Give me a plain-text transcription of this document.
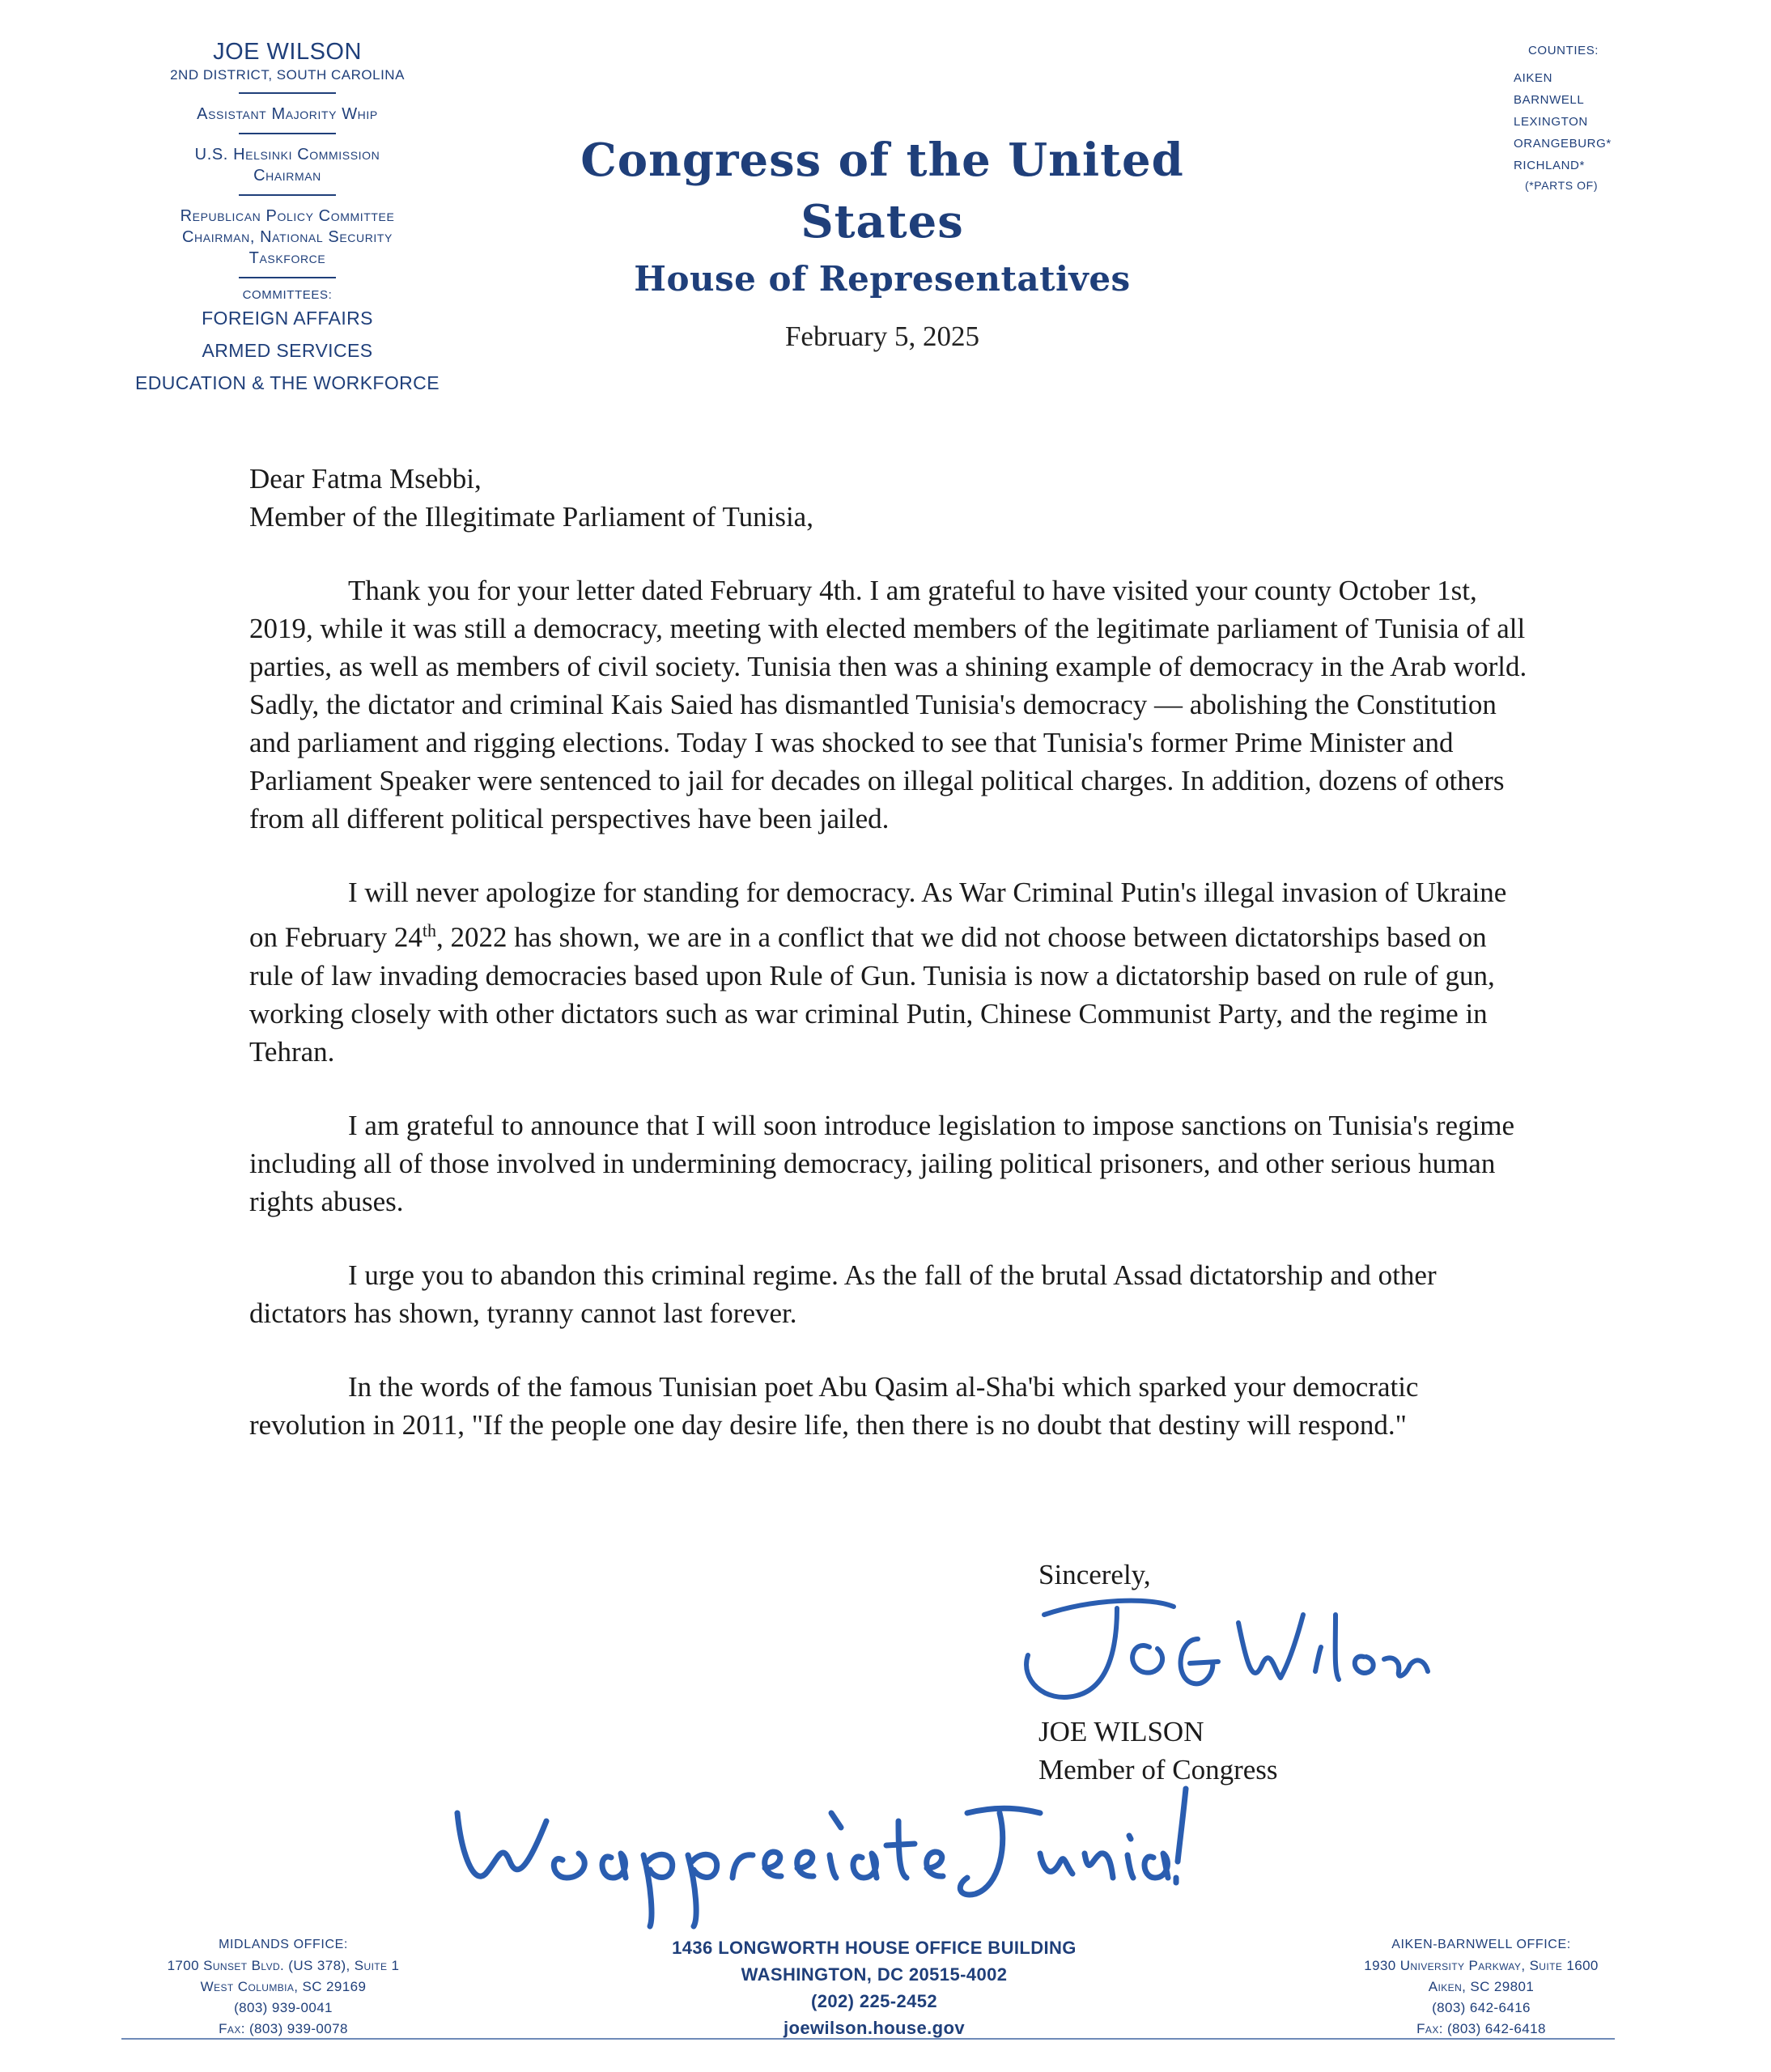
JOE WILSON
2ND DISTRICT, SOUTH CAROLINA
Assistant Majority Whip
U.S. Helsinki Commission
Chairman
Republican Policy Committee
Chairman, National Security
Taskforce
COMMITTEES:
FOREIGN AFFAIRS
ARMED SERVICES
EDUCATION & THE WORKFORCE
Congress of the United States
House of Representatives
February 5, 2025
COUNTIES:
AIKEN
BARNWELL
LEXINGTON
ORANGEBURG*
RICHLAND*
(*PARTS OF)

Dear Fatma Msebbi,

Member of the Illegitimate Parliament of Tunisia,

Thank you for your letter dated February 4th. I am grateful to have visited your county October 1st, 2019, while it was still a democracy, meeting with elected members of the legitimate parliament of Tunisia of all parties, as well as members of civil society. Tunisia then was a shining example of democracy in the Arab world. Sadly, the dictator and criminal Kais Saied has dismantled Tunisia's democracy — abolishing the Constitution and parliament and rigging elections. Today I was shocked to see that Tunisia's former Prime Minister and Parliament Speaker were sentenced to jail for decades on illegal political charges. In addition, dozens of others from all different political perspectives have been jailed.

I will never apologize for standing for democracy. As War Criminal Putin's illegal invasion of Ukraine on February 24th, 2022 has shown, we are in a conflict that we did not choose between dictatorships based on rule of law invading democracies based upon Rule of Gun. Tunisia is now a dictatorship based on rule of gun, working closely with other dictators such as war criminal Putin, Chinese Communist Party, and the regime in Tehran.

I am grateful to announce that I will soon introduce legislation to impose sanctions on Tunisia's regime including all of those involved in undermining democracy, jailing political prisoners, and other serious human rights abuses.

I urge you to abandon this criminal regime. As the fall of the brutal Assad dictatorship and other dictators has shown, tyranny cannot last forever.

In the words of the famous Tunisian poet Abu Qasim al-Sha'bi which sparked your democratic revolution in 2011, "If the people one day desire life, then there is no doubt that destiny will respond."

Sincerely,
JOE WILSON
Member of Congress
MIDLANDS OFFICE:
1700 Sunset Blvd. (US 378), Suite 1
West Columbia, SC 29169
(803) 939-0041
Fax: (803) 939-0078
1436 LONGWORTH HOUSE OFFICE BUILDING
WASHINGTON, DC 20515-4002
(202) 225-2452
joewilson.house.gov
AIKEN-BARNWELL OFFICE:
1930 University Parkway, Suite 1600
Aiken, SC 29801
(803) 642-6416
Fax: (803) 642-6418
